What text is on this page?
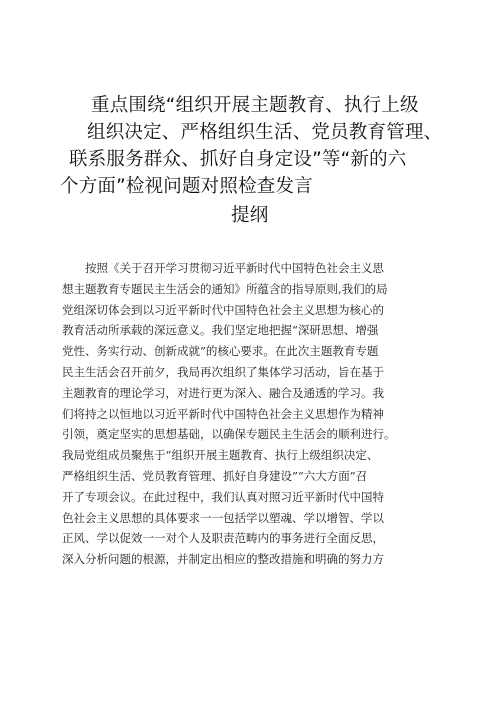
重点围绕“组织开展主题教育、执行上级
组织决定、严格组织生活、党员教育管理、
联系服务群众、抓好自身定设”等“新的六
个方面”检视问题对照检查发言
提纲
按照《关于召开学习贯彻习近平新时代中国特色社会主义思
想主题教育专题民主生活会的通知》所蕴含的指导原则,我们的局
党组深切体会到以习近平新时代中国特色社会主义思想为核心的
教育活动所承载的深远意义。我们坚定地把握“深研思想、增强
党性、务实行动、创新成就”的核心要求。在此次主题教育专题
民主生活会召开前夕，我局再次组织了集体学习活动，旨在基于
主题教育的理论学习，对进行更为深入、融合及通透的学习。我
们将持之以恒地以习近平新时代中国特色社会主义思想作为精神
引领，奠定坚实的思想基础，以确保专题民主生活会的顺利进行。
我局党组成员聚焦于“组织开展主题教育、执行上级组织决定、
严格组织生活、党员教育管理、抓好自身建设”“六大方面”召
开了专项会议。在此过程中，我们认真对照习近平新时代中国特
色社会主义思想的具体要求一一包括学以塑魂、学以增智、学以
正风、学以促效一一对个人及职责范畴内的事务进行全面反思，
深入分析问题的根源，并制定出相应的整改措施和明确的努力方
